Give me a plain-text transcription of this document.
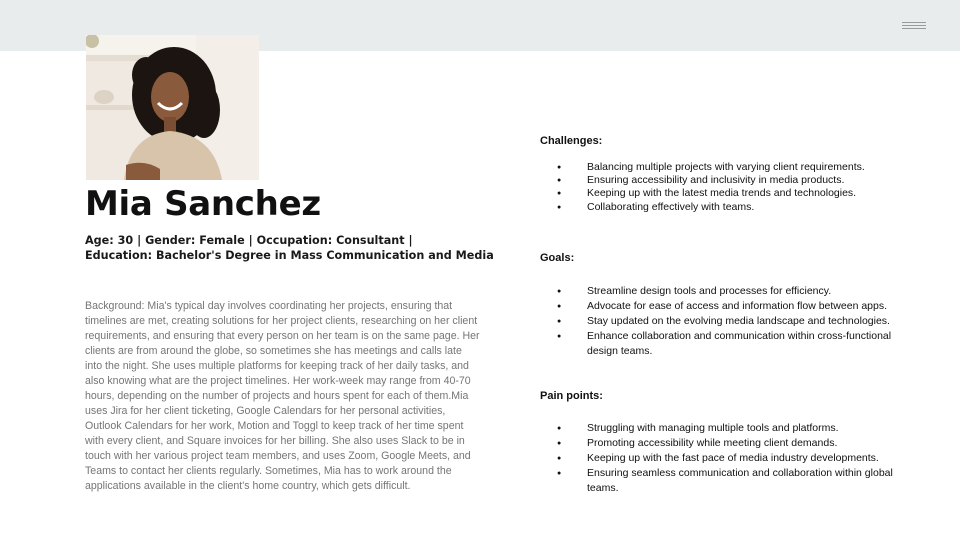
Mia Sanchez
Age: 30 | Gender: Female | Occupation: Consultant |
Education: Bachelor's Degree in Mass Communication and Media

Background: Mia's typical day involves coordinating her projects, ensuring that timelines are met, creating solutions for her project clients, researching on her client requirements, and ensuring that every person on her team is on the same page. Her clients are from around the globe, so sometimes she has meetings and calls late into the night. She uses multiple platforms for keeping track of her daily tasks, and also knowing what are the project timelines. Her work-week may range from 40-70 hours, depending on the number of projects and hours spent for each of them.Mia uses Jira for her client ticketing, Google Calendars for her personal activities, Outlook Calendars for her work, Motion and Toggl to keep track of her time spent with every client, and Square invoices for her billing. She also uses Slack to be in touch with her various project team members, and uses Zoom, Google Meets, and Teams to contact her clients regularly. Sometimes, Mia has to work around the applications available in the client's home country, which gets difficult.

Challenges:
● Balancing multiple projects with varying client requirements.
● Ensuring accessibility and inclusivity in media products.
● Keeping up with the latest media trends and technologies.
● Collaborating effectively with teams.
Goals:
● Streamline design tools and processes for efficiency.
● Advocate for ease of access and information flow between apps.
● Stay updated on the evolving media landscape and technologies.
● Enhance collaboration and communication within cross-functional design teams.
Pain points:
● Struggling with managing multiple tools and platforms.
● Promoting accessibility while meeting client demands.
● Keeping up with the fast pace of media industry developments.
● Ensuring seamless communication and collaboration within global teams.
